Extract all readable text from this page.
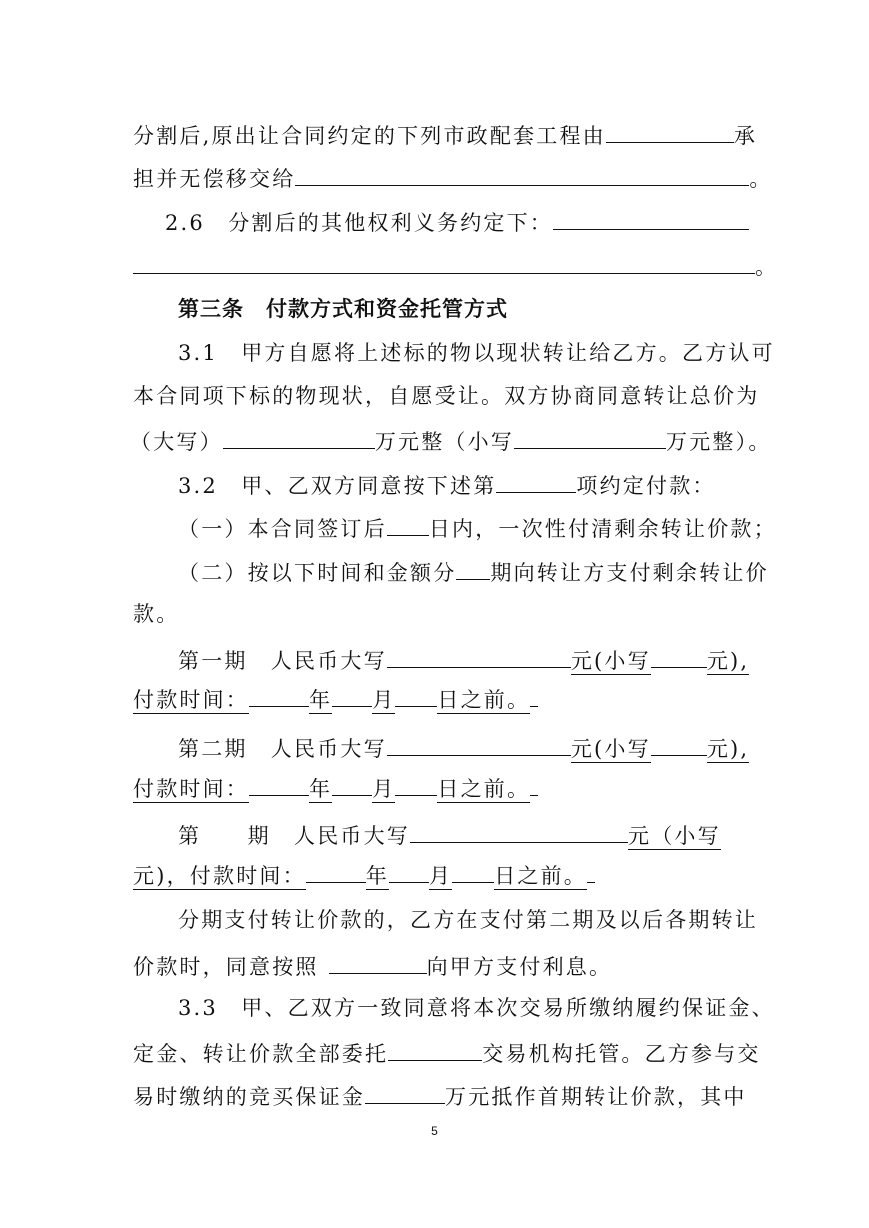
分割后,原出让合同约定的下列市政配套工程由	承
担并无偿移交给	。
2.6　分割后的其他权利义务约定下：
。
第三条　付款方式和资金托管方式
3.1　甲方自愿将上述标的物以现状转让给乙方。乙方认可
本合同项下标的物现状，自愿受让。双方协商同意转让总价为
（大写）	万元整（小写	万元整）。
3.2　甲、乙双方同意按下述第	项约定付款：
（一）本合同签订后 日内，一次性付清剩余转让价款；
（二）按以下时间和金额分 期向转让方支付剩余转让价
款。
第一期　人民币大写	元(小写	元),
付款时间：	年 月 日之前。
第二期　人民币大写	元(小写	元),
付款时间：	年 月 日之前。
第　　期　人民币大写	元（小写
元)，付款时间：	年 月 日之前。
分期支付转让价款的，乙方在支付第二期及以后各期转让
价款时，同意按照	向甲方支付利息。
3.3　甲、乙双方一致同意将本次交易所缴纳履约保证金、
定金、转让价款全部委托	交易机构托管。乙方参与交
易时缴纳的竞买保证金	万元抵作首期转让价款，其中
5
